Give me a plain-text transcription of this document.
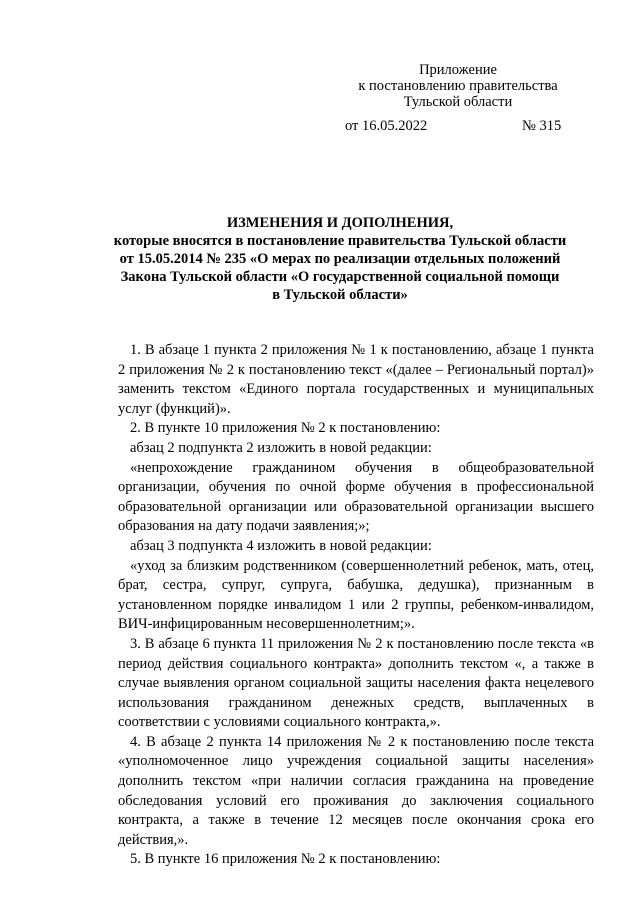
Приложение
к постановлению правительства
Тульской области
от 16.05.2022	№ 315
ИЗМЕНЕНИЯ И ДОПОЛНЕНИЯ,
которые вносятся в постановление правительства Тульской области
от 15.05.2014 № 235 «О мерах по реализации отдельных положений
Закона Тульской области «О государственной социальной помощи
в Тульской области»

1. В абзаце 1 пункта 2 приложения № 1 к постановлению, абзаце 1 пункта 2 приложения № 2 к постановлению текст «(далее – Региональный портал)» заменить текстом «Единого портала государственных и муниципальных услуг (функций)».

2. В пункте 10 приложения № 2 к постановлению:

абзац 2 подпункта 2 изложить в новой редакции:

«непрохождение гражданином обучения в общеобразовательной организации, обучения по очной форме обучения в профессиональной образовательной организации или образовательной организации высшего образования на дату подачи заявления;»;

абзац 3 подпункта 4 изложить в новой редакции:

«уход за близким родственником (совершеннолетний ребенок, мать, отец, брат, сестра, супруг, супруга, бабушка, дедушка), признанным в установленном порядке инвалидом 1 или 2 группы, ребенком-инвалидом, ВИЧ-инфицированным несовершеннолетним;».

3. В абзаце 6 пункта 11 приложения № 2 к постановлению после текста «в период действия социального контракта» дополнить текстом «, а также в случае выявления органом социальной защиты населения факта нецелевого использования гражданином денежных средств, выплаченных в соответствии с условиями социального контракта,».

4. В абзаце 2 пункта 14 приложения № 2 к постановлению после текста «уполномоченное лицо учреждения социальной защиты населения» дополнить текстом «при наличии согласия гражданина на проведение обследования условий его проживания до заключения социального контракта, а также в течение 12 месяцев после окончания срока его действия,».

5. В пункте 16 приложения № 2 к постановлению:
